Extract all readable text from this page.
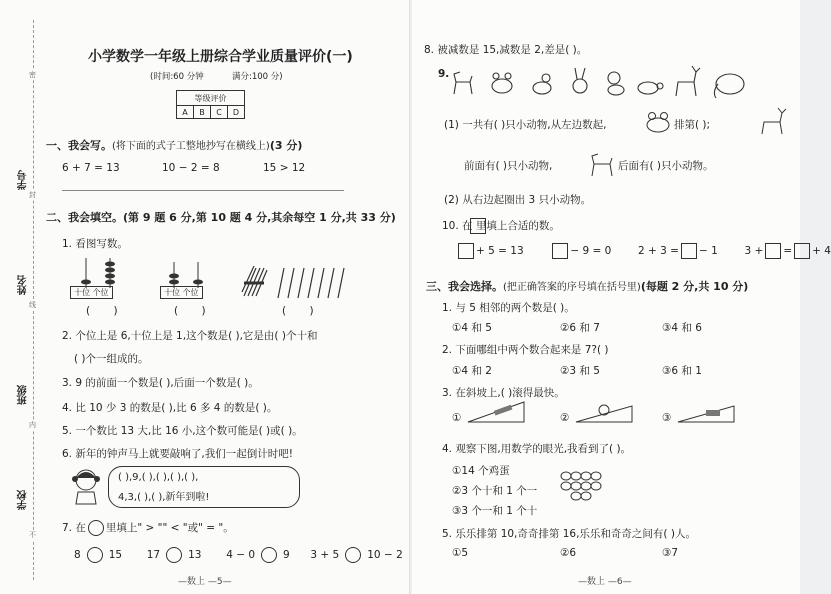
密
封
线
内
不
学号
姓名
班级
学校
小学数学一年级上册综合学业质量评价(一)
(时间:60 分钟	满分:100 分)
等级评价
A	B	C	D
一、我会写。(将下面的式子工整地抄写在横线上)(3 分)
6 + 7 = 13	10 − 2 = 8	15 > 12
二、我会填空。(第 9 题 6 分,第 10 题 4 分,其余每空 1 分,共 33 分)
1. 看图写数。
十位 个位
(       )
十位 个位
(       )	(       )
2. 个位上是 6,十位上是 1,这个数是( ),它是由( )个十和
( )个一组成的。
3. 9 的前面一个数是( ),后面一个数是( )。
4. 比 10 少 3 的数是( ),比 6 多 4 的数是( )。
5. 一个数比 13 大,比 16 小,这个数可能是( )或( )。
6. 新年的钟声马上就要敲响了,我们一起倒计时吧!
( ),9,( ),( ),( ),( ),
4,3,( ),( ),新年到啦!
7. 在 里填上" > "" < "或" = "。
8	15 17	13 4 − 0	9 3 + 5	10 − 2
—数上 —5—
8. 被减数是 15,减数是 2,差是( )。
9.
(1) 一共有( )只小动物,从左边数起,	排第( );
前面有( )只小动物,	后面有( )只小动物。
(2) 从右边起圈出 3 只小动物。
10. 在 里填上合适的数。
+ 5 = 13	− 9 = 0	2 + 3 = − 1	3 + = + 4
三、我会选择。(把正确答案的序号填在括号里)(每题 2 分,共 10 分)
1. 与 5 相邻的两个数是( )。
①4 和 5	②6 和 7	③4 和 6
2. 下面哪组中两个数合起来是 7?( )
①4 和 2	②3 和 5	③6 和 1
3. 在斜坡上,( )滚得最快。
①	②	③
4. 观察下图,用数学的眼光,我看到了( )。
①14 个鸡蛋
②3 个十和 1 个一
③3 个一和 1 个十
5. 乐乐排第 10,奇奇排第 16,乐乐和奇奇之间有( )人。
①5	②6	③7
—数上 —6—
